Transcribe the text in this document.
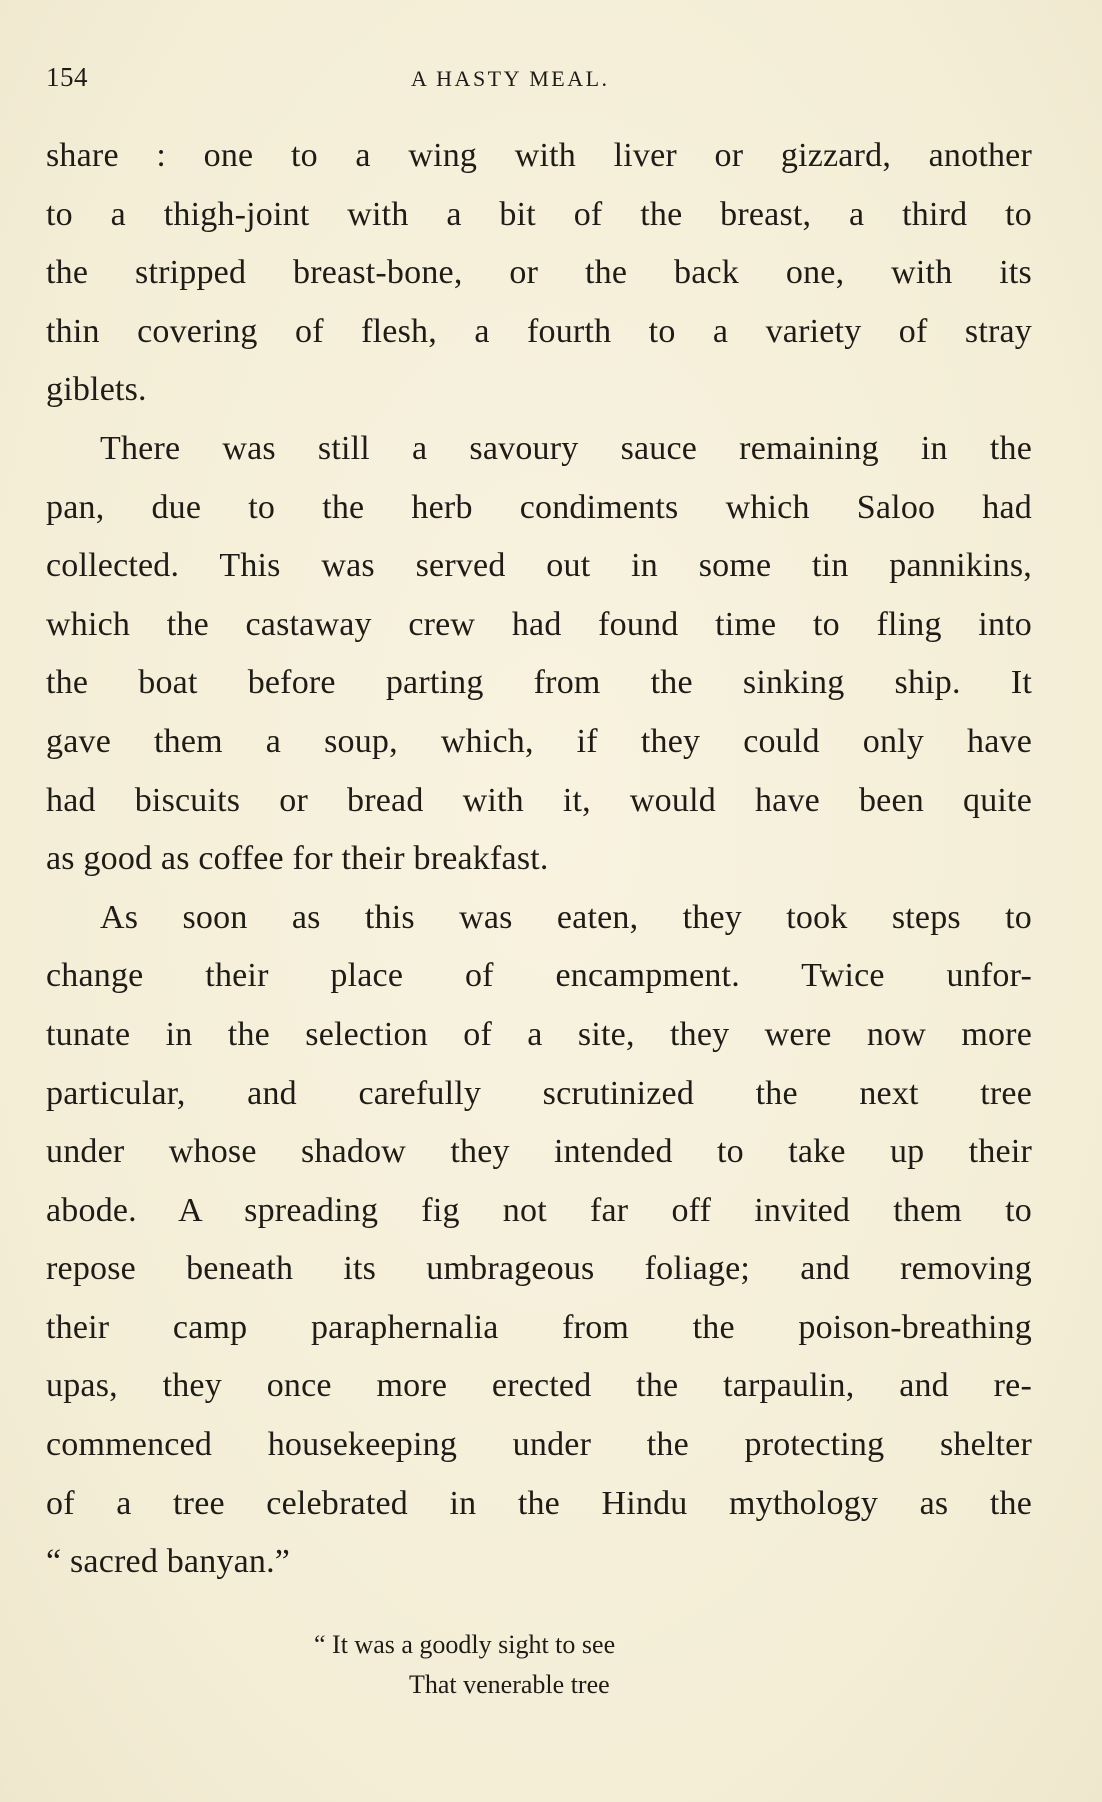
154	A HASTY MEAL.
share : one to a wing with liver or gizzard, another
to a thigh-joint with a bit of the breast, a third to
the stripped breast-bone, or the back one, with its
thin covering of flesh, a fourth to a variety of stray
giblets.
There was still a savoury sauce remaining in the
pan, due to the herb condiments which Saloo had
collected. This was served out in some tin pannikins,
which the castaway crew had found time to fling into
the boat before parting from the sinking ship. It
gave them a soup, which, if they could only have
had biscuits or bread with it, would have been quite
as good as coffee for their breakfast.
As soon as this was eaten, they took steps to
change their place of encampment. Twice unfor-
tunate in the selection of a site, they were now more
particular, and carefully scrutinized the next tree
under whose shadow they intended to take up their
abode. A spreading fig not far off invited them to
repose beneath its umbrageous foliage; and removing
their camp paraphernalia from the poison-breathing
upas, they once more erected the tarpaulin, and re-
commenced housekeeping under the protecting shelter
of a tree celebrated in the Hindu mythology as the
“ sacred banyan.”
“ It was a goodly sight to see
That venerable tree
